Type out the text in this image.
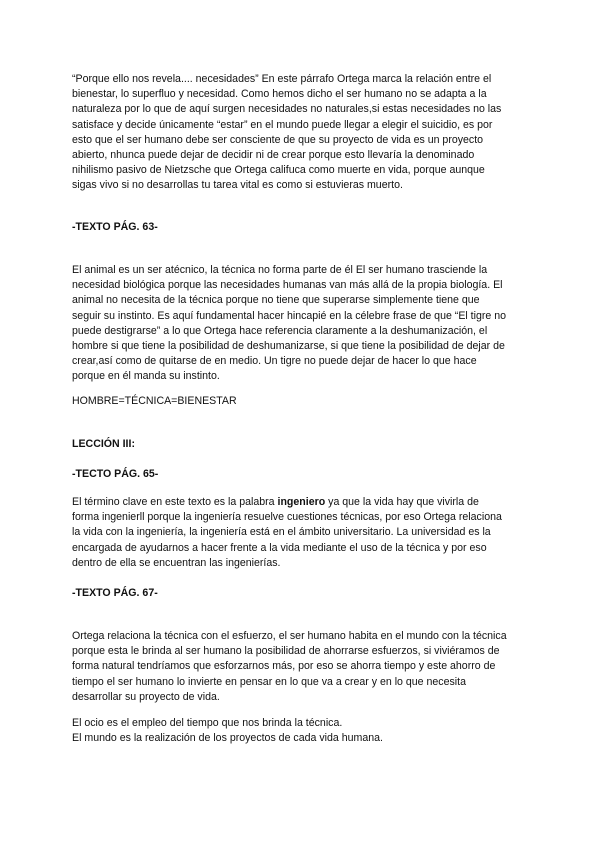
“Porque ello nos revela.... necesidades” En este párrafo Ortega marca la relación entre el
bienestar, lo superfluo y necesidad. Como hemos dicho el ser humano no se adapta a la
naturaleza por lo que de aquí surgen necesidades no naturales,si estas necesidades no las
satisface y decide únicamente “estar” en el mundo puede llegar a elegir el suicidio, es por
esto que el ser humano debe ser consciente de que su proyecto de vida es un proyecto
abierto, nhunca puede dejar de decidir ni de crear porque esto llevaría la denominado
nihilismo pasivo de Nietzsche que Ortega califuca como muerte en vida, porque aunque
sigas vivo si no desarrollas tu tarea vital es como si estuvieras muerto.

-TEXTO PÁG. 63-

El animal es un ser atécnico, la técnica no forma parte de él El ser humano trasciende la
necesidad biológica porque las necesidades humanas van más allá de la propia biología. El
animal no necesita de la técnica porque no tiene que superarse simplemente tiene que
seguir su instinto. Es aquí fundamental hacer hincapié en la célebre frase de que “El tigre no
puede destigrarse” a lo que Ortega hace referencia claramente a la deshumanización, el
hombre si que tiene la posibilidad de deshumanizarse, si que tiene la posibilidad de dejar de
crear,así como de quitarse de en medio. Un tigre no puede dejar de hacer lo que hace
porque en él manda su instinto.

HOMBRE=TÉCNICA=BIENESTAR
LECCIÓN III:
-TECTO PÁG. 65-

El término clave en este texto es la palabra ingeniero ya que la vida hay que vivirla de
forma ingenierll porque la ingeniería resuelve cuestiones técnicas, por eso Ortega relaciona
la vida con la ingeniería, la ingeniería está en el ámbito universitario. La universidad es la
encargada de ayudarnos a hacer frente a la vida mediante el uso de la técnica y por eso
dentro de ella se encuentran las ingenierías.

-TEXTO PÁG. 67-

Ortega relaciona la técnica con el esfuerzo, el ser humano habita en el mundo con la técnica
porque esta le brinda al ser humano la posibilidad de ahorrarse esfuerzos, si viviéramos de
forma natural tendríamos que esforzarnos más, por eso se ahorra tiempo y este ahorro de
tiempo el ser humano lo invierte en pensar en lo que va a crear y en lo que necesita
desarrollar su proyecto de vida.

El ocio es el empleo del tiempo que nos brinda la técnica.
El mundo es la realización de los proyectos de cada vida humana.
